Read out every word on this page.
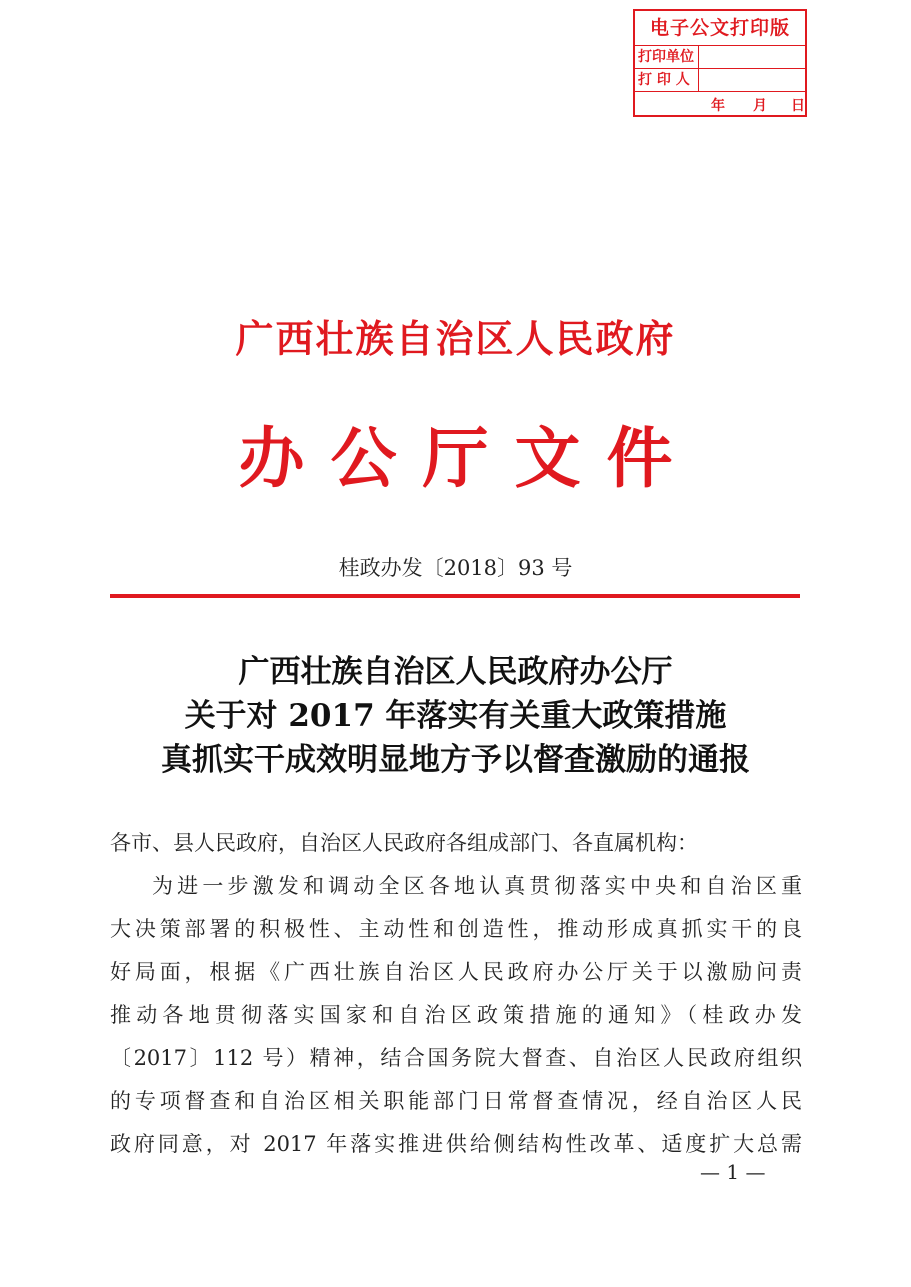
电子公文打印版
打印单位
打 印 人
年 月 日
广西壮族自治区人民政府
办公厅文件
桂政办发〔2018〕93 号
广西壮族自治区人民政府办公厅
关于对 2017 年落实有关重大政策措施
真抓实干成效明显地方予以督查激励的通报
各市、县人民政府，自治区人民政府各组成部门、各直属机构：
为进一步激发和调动全区各地认真贯彻落实中央和自治区重
大决策部署的积极性、主动性和创造性，推动形成真抓实干的良
好局面，根据《广西壮族自治区人民政府办公厅关于以激励问责
推动各地贯彻落实国家和自治区政策措施的通知》（桂政办发
〔2017〕112 号）精神，结合国务院大督查、自治区人民政府组织
的专项督查和自治区相关职能部门日常督查情况，经自治区人民
政府同意，对 2017 年落实推进供给侧结构性改革、适度扩大总需
— 1 —
